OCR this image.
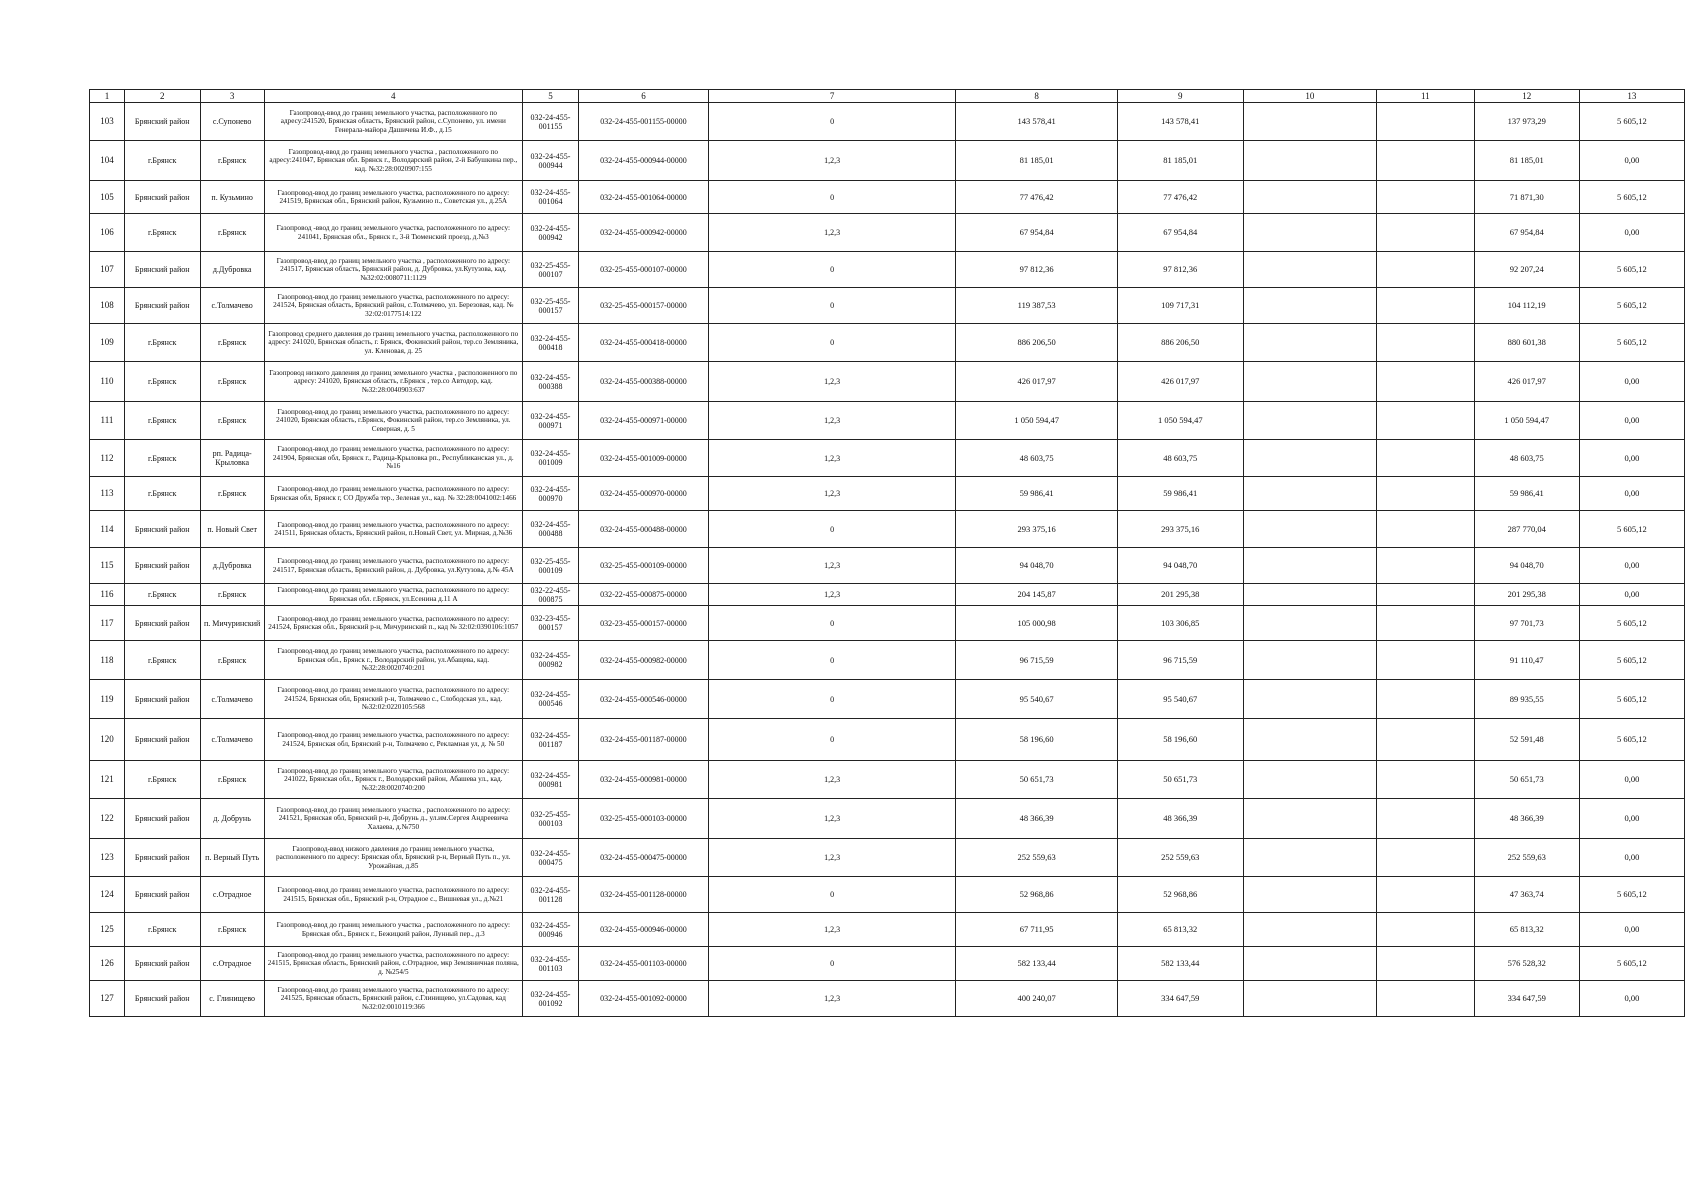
1	2	3	4	5	6	7	8	9	10	11	12	13
103	Брянский район	с.Супонево	Газопровод-ввод до границ земельного участка, расположенного по адресу:241520, Брянская область, Брянский район, с.Супонево, ул. имени Генерала-майора Дашичева И.Ф., д.15	032-24-455-001155	032-24-455-001155-00000	0	143 578,41	143 578,41			137 973,29	5 605,12
104	г.Брянск	г.Брянск	Газопровод-ввод до границ земельного участка , расположенного по адресу:241047, Брянская обл. Брянск г., Володарский район, 2-й Бабушкина пер., кад. №32:28:0020907:155	032-24-455-000944	032-24-455-000944-00000	1,2,3	81 185,01	81 185,01			81 185,01	0,00
105	Брянский район	п. Кузьмино	Газопровод-ввод до границ земельного участка, расположенного по адресу: 241519, Брянская обл., Брянский район, Кузьмино п., Советская ул., д.25А	032-24-455-001064	032-24-455-001064-00000	0	77 476,42	77 476,42			71 871,30	5 605,12
106	г.Брянск	г.Брянск	Газопровод -ввод до границ земельного участка, расположенного по адресу: 241041, Брянская обл., Брянск г., 3-й Тюменский проезд, д.№3	032-24-455-000942	032-24-455-000942-00000	1,2,3	67 954,84	67 954,84			67 954,84	0,00
107	Брянский район	д.Дубровка	Газопровод-ввод до границ земельного участка , расположенного по адресу: 241517, Брянская область, Брянский район, д. Дубровка, ул.Кутузова, кад. №32:02:0080711:1129	032-25-455-000107	032-25-455-000107-00000	0	97 812,36	97 812,36			92 207,24	5 605,12
108	Брянский район	с.Толмачево	Газопровод-ввод до границ земельного участка, расположенного по адресу: 241524, Брянская область, Брянский район, с.Толмачево, ул. Березовая, кад. № 32:02:0177514:122	032-25-455-000157	032-25-455-000157-00000	0	119 387,53	109 717,31			104 112,19	5 605,12
109	г.Брянск	г.Брянск	Газопровод среднего давления до границ земельного участка, расположенного по адресу: 241020, Брянская область, г. Брянск, Фокинский район, тер.со Земляника, ул. Кленовая, д. 25	032-24-455-000418	032-24-455-000418-00000	0	886 206,50	886 206,50			880 601,38	5 605,12
110	г.Брянск	г.Брянск	Газопровод низкого давления до границ земельного участка , расположенного по адресу: 241020, Брянская область, г.Брянск , тер.со Автодор, кад. №32:28:0040903:637	032-24-455-000388	032-24-455-000388-00000	1,2,3	426 017,97	426 017,97			426 017,97	0,00
111	г.Брянск	г.Брянск	Газопровод-ввод до границ земельного участка, расположенного по адресу: 241020, Брянская область, г.Брянск, Фокинский район, тер.со Земляника, ул. Северная, д. 5	032-24-455-000971	032-24-455-000971-00000	1,2,3	1 050 594,47	1 050 594,47			1 050 594,47	0,00
112	г.Брянск	рп. Радица-Крыловка	Газопровод-ввод до границ земельного участка, расположенного по адресу: 241904, Брянская обл, Брянск г., Радица-Крыловка рп., Республиканская ул., д. №16	032-24-455-001009	032-24-455-001009-00000	1,2,3	48 603,75	48 603,75			48 603,75	0,00
113	г.Брянск	г.Брянск	Газопровод-ввод до границ земельного участка, расположенного по адресу: Брянская обл, Брянск г, СО Дружба тер., Зеленая ул., кад. № 32:28:0041002:1466	032-24-455-000970	032-24-455-000970-00000	1,2,3	59 986,41	59 986,41			59 986,41	0,00
114	Брянский район	п. Новый Свет	Газопровод-ввод до границ земельного участка, расположенного по адресу: 241511, Брянская область, Брянский район, п.Новый Свет, ул. Мирная, д.№36	032-24-455-000488	032-24-455-000488-00000	0	293 375,16	293 375,16			287 770,04	5 605,12
115	Брянский район	д.Дубровка	Газопровод-ввод до границ земельного участка, расположенного по адресу: 241517, Брянская область, Брянский район, д. Дубровка, ул.Кутузова, д.№ 45А	032-25-455-000109	032-25-455-000109-00000	1,2,3	94 048,70	94 048,70			94 048,70	0,00
116	г.Брянск	г.Брянск	Газопровод-ввод до границ земельного участка, расположенного по адресу: Брянская обл. г.Брянск, ул.Есенина д.11 А	032-22-455-000875	032-22-455-000875-00000	1,2,3	204 145,87	201 295,38			201 295,38	0,00
117	Брянский район	п. Мичуринский	Газопровод-ввод до границ земельного участка, расположенного по адресу: 241524, Брянская обл., Брянский р-н, Мичуринский п., кад № 32:02:0390106:1057	032-23-455-000157	032-23-455-000157-00000	0	105 000,98	103 306,85			97 701,73	5 605,12
118	г.Брянск	г.Брянск	Газопровод-ввод до границ земельного участка, расположенного по адресу: Брянская обл., Брянск г., Володарский район, ул.Абащева, кад. №32:28:0020740:201	032-24-455-000982	032-24-455-000982-00000	0	96 715,59	96 715,59			91 110,47	5 605,12
119	Брянский район	с.Толмачево	Газопровод-ввод до границ земельного участка, расположенного по адресу: 241524, Брянская обл, Брянский р-н, Толмачево с., Слободская ул., кад. №32:02:0220105:568	032-24-455-000546	032-24-455-000546-00000	0	95 540,67	95 540,67			89 935,55	5 605,12
120	Брянский район	с.Толмачево	Газопровод-ввод до границ земельного участка, расположенного по адресу: 241524, Брянская обл, Брянский р-н, Толмачево с, Рекламная ул, д. № 50	032-24-455-001187	032-24-455-001187-00000	0	58 196,60	58 196,60			52 591,48	5 605,12
121	г.Брянск	г.Брянск	Газопровод-ввод до границ земельного участка, расположенного по адресу: 241022, Брянская обл., Брянск г., Володарский район, Абашева ул., кад. №32:28:0020740:200	032-24-455-000981	032-24-455-000981-00000	1,2,3	50 651,73	50 651,73			50 651,73	0,00
122	Брянский район	д. Добрунь	Газопровод-ввод до границ земельного участка , расположенного по адресу: 241521, Брянская обл, Брянский р-н, Добрунь д., ул.им.Сергея Андреевича Халаева, д.№750	032-25-455-000103	032-25-455-000103-00000	1,2,3	48 366,39	48 366,39			48 366,39	0,00
123	Брянский район	п. Верный Путь	Газопровод-ввод низкого давления до границ земельного участка, расположенного по адресу: Брянская обл, Брянский р-н, Верный Путь п., ул. Урожайная, д.85	032-24-455-000475	032-24-455-000475-00000	1,2,3	252 559,63	252 559,63			252 559,63	0,00
124	Брянский район	с.Отрадное	Газопровод-ввод до границ земельного участка, расположенного по адресу: 241515, Брянская обл., Брянский р-н, Отрадное с., Вишневая ул., д.№21	032-24-455-001128	032-24-455-001128-00000	0	52 968,86	52 968,86			47 363,74	5 605,12
125	г.Брянск	г.Брянск	Газопровод-ввод до границ земельного участка , расположенного по адресу: Брянская обл., Брянск г., Бежицкий район, Лунный пер., д.3	032-24-455-000946	032-24-455-000946-00000	1,2,3	67 711,95	65 813,32			65 813,32	0,00
126	Брянский район	с.Отрадное	Газопровод-ввод до границ земельного участка, расположенного по адресу: 241515, Брянская область, Брянский район, с.Отрадное, мкр Земляничная поляна, д. №254/5	032-24-455-001103	032-24-455-001103-00000	0	582 133,44	582 133,44			576 528,32	5 605,12
127	Брянский район	с. Глинищево	Газопровод-ввод до границ земельного участка, расположенного по адресу: 241525, Брянская область, Брянский район, с.Глинищево, ул.Садовая, кад №32:02:0010119:366	032-24-455-001092	032-24-455-001092-00000	1,2,3	400 240,07	334 647,59			334 647,59	0,00
